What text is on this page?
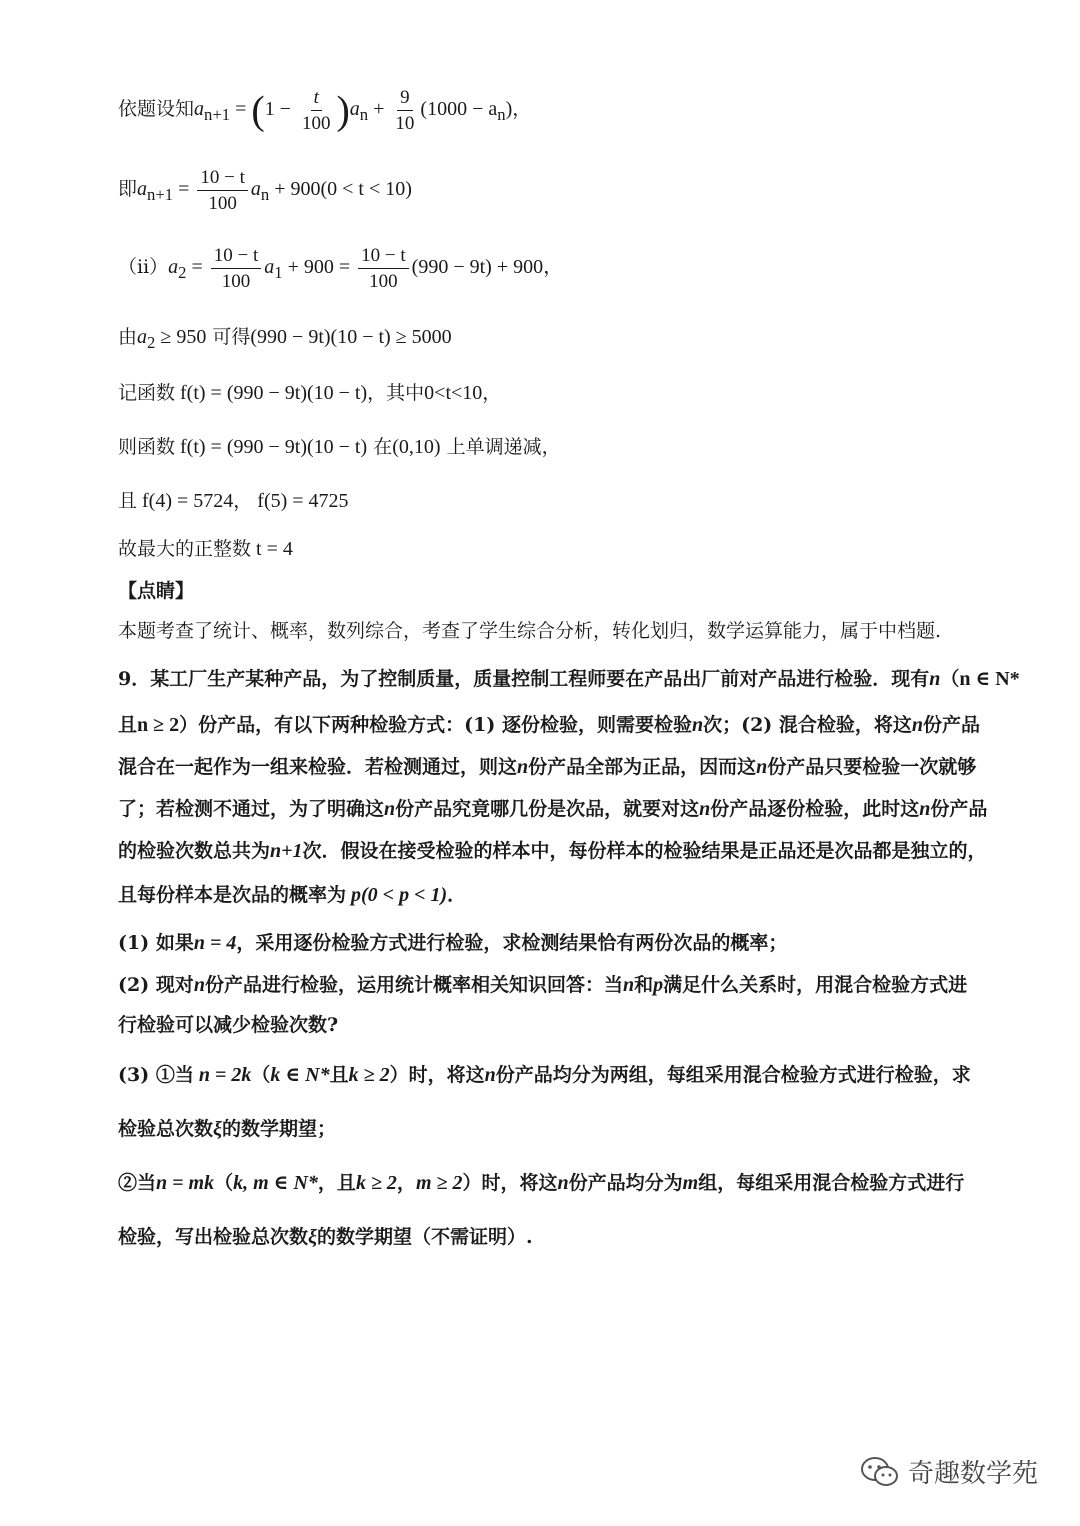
依题设知$a_{n+1} = (1 - \frac{t}{100} )a_n + \frac{9}{10} (1000 - a_n)$，
即$a_{n+1} = \frac{10 - t}{100} a_n + 900(0 < t < 10)$
$(ⅱ)a_2 = \frac{10 - t}{100} a_1 + 900 = \frac{10 - t}{100} (990 - 9t) + 900$，
由$a_2 \ge 950$ 可得(990 − 9t)(10 − t) ≥ 5000
记函数 f(t) = (990 − 9t)(10 − t)，其中0<t<10，
则函数 f(t) = (990 − 9t)(10 − t) 在(0,10) 上单调递减，
且 f(4) = 5724， f(5) = 4725
故最大的正整数 t = 4
【点睛】
本题考查了统计、概率，数列综合，考查了学生综合分析，转化划归，数学运算能力，属于中档题.
9．某工厂生产某种产品，为了控制质量，质量控制工程师要在产品出厂前对产品进行检验．现有n（n ∈ N*
且n ≥ 2）份产品，有以下两种检验方式：(1) 逐份检验，则需要检验n次；(2) 混合检验，将这n份产品
混合在一起作为一组来检验．若检测通过，则这n份产品全部为正品，因而这n份产品只要检验一次就够
了；若检测不通过，为了明确这n份产品究竟哪几份是次品，就要对这n份产品逐份检验，此时这n份产品
的检验次数总共为n+1次．假设在接受检验的样本中，每份样本的检验结果是正品还是次品都是独立的，
且每份样本是次品的概率为 p(0 < p < 1)．
(1) 如果n = 4，采用逐份检验方式进行检验，求检测结果恰有两份次品的概率；
(2) 现对n份产品进行检验，运用统计概率相关知识回答：当n和p满足什么关系时，用混合检验方式进
行检验可以减少检验次数?
(3) ①当 n = 2k（k ∈ N*且k ≥ 2）时，将这n份产品均分为两组，每组采用混合检验方式进行检验，求
检验总次数ξ的数学期望；
②当n = mk（k, m ∈ N*，且k ≥ 2，m ≥ 2）时，将这n份产品均分为m组，每组采用混合检验方式进行
检验，写出检验总次数ξ的数学期望（不需证明）.
奇趣数学苑
